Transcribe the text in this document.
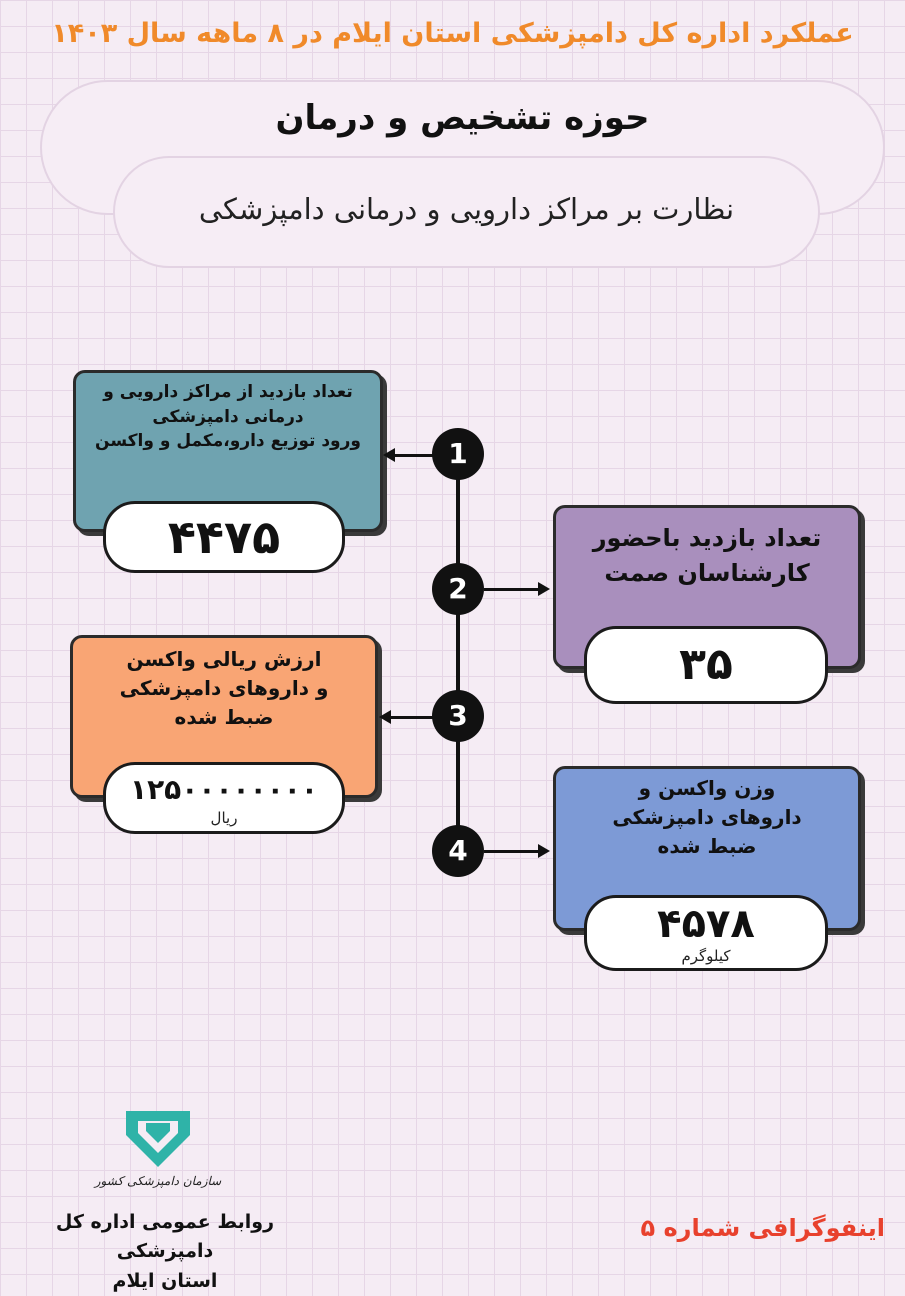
عملکرد اداره کل دامپزشکی استان ایلام در ۸ ماهه سال ۱۴۰۳
حوزه تشخیص و درمان
نظارت بر مراکز دارویی و درمانی دامپزشکی
تعداد بازدید از مراکز دارویی و
درمانی دامپزشکی
ورود توزیع دارو،مکمل و واکسن
۴۴۷۵
1
تعداد بازدید باحضور
کارشناسان صمت
۳۵
2
ارزش ریالی واکسن
و داروهای دامپزشکی
ضبط شده
۱۲۵۰۰۰۰۰۰۰۰
ریال
3
وزن واکسن و
داروهای دامپزشکی
ضبط شده
۴۵۷۸
کیلوگرم
4
سازمان دامپزشکی کشور
روابط عمومی اداره کل دامپزشکی
استان ایلام
اینفوگرافی شماره ۵
